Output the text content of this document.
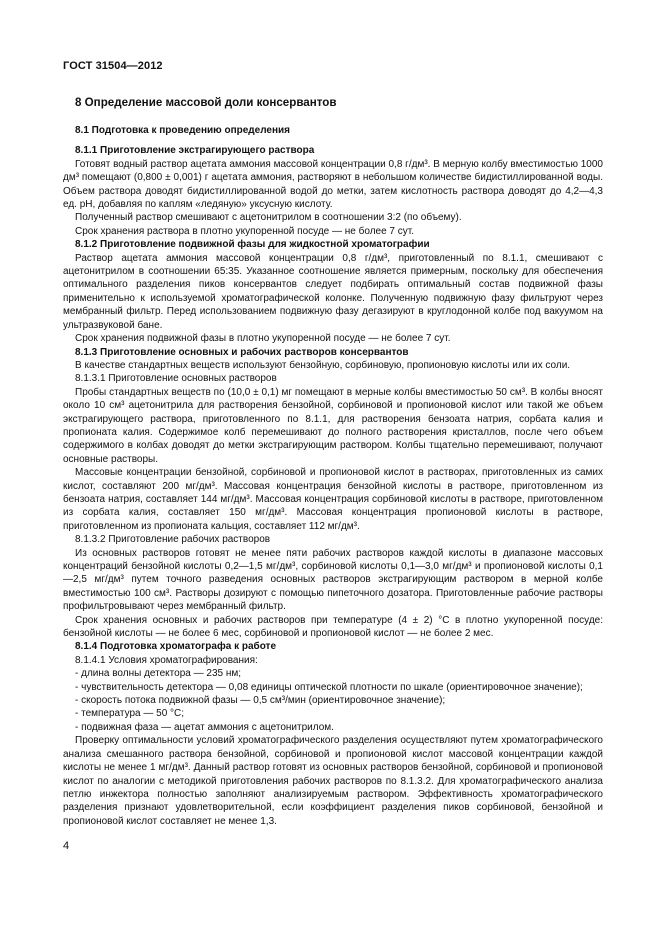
ГОСТ 31504—2012

8 Определение массовой доли консервантов

8.1 Подготовка к проведению определения

8.1.1 Приготовление экстрагирующего раствора

Готовят водный раствор ацетата аммония массовой концентрации 0,8 г/дм³. В мерную колбу вместимостью 1000 дм³ помещают (0,800 ± 0,001) г ацетата аммония, растворяют в небольшом количестве бидистиллированной воды. Объем раствора доводят бидистиллированной водой до метки, затем кислотность раствора доводят до 4,2—4,3 ед. pH, добавляя по каплям «ледяную» уксусную кислоту.

Полученный раствор смешивают с ацетонитрилом в соотношении 3:2 (по объему).

Срок хранения раствора в плотно укупоренной посуде — не более 7 сут.

8.1.2 Приготовление подвижной фазы для жидкостной хроматографии

Раствор ацетата аммония массовой концентрации 0,8 г/дм³, приготовленный по 8.1.1, смешивают с ацетонитрилом в соотношении 65:35. Указанное соотношение является примерным, поскольку для обеспечения оптимального разделения пиков консервантов следует подбирать оптимальный состав подвижной фазы применительно к используемой хроматографической колонке. Полученную подвижную фазу фильтруют через мембранный фильтр. Перед использованием подвижную фазу дегазируют в круглодонной колбе под вакуумом на ультразвуковой бане.

Срок хранения подвижной фазы в плотно укупоренной посуде — не более 7 сут.

8.1.3 Приготовление основных и рабочих растворов консервантов

В качестве стандартных веществ используют бензойную, сорбиновую, пропионовую кислоты или их соли.

8.1.3.1 Приготовление основных растворов

Пробы стандартных веществ по (10,0 ± 0,1) мг помещают в мерные колбы вместимостью 50 см³. В колбы вносят около 10 см³ ацетонитрила для растворения бензойной, сорбиновой и пропионовой кислот или такой же объем экстрагирующего раствора, приготовленного по 8.1.1, для растворения бензоата натрия, сорбата калия и пропионата калия. Содержимое колб перемешивают до полного растворения кристаллов, после чего объем содержимого в колбах доводят до метки экстрагирующим раствором. Колбы тщательно перемешивают, получают основные растворы.

Массовые концентрации бензойной, сорбиновой и пропионовой кислот в растворах, приготовленных из самих кислот, составляют 200 мг/дм³. Массовая концентрация бензойной кислоты в растворе, приготовленном из бензоата натрия, составляет 144 мг/дм³. Массовая концентрация сорбиновой кислоты в растворе, приготовленном из сорбата калия, составляет 150 мг/дм³. Массовая концентрация пропионовой кислоты в растворе, приготовленном из пропионата кальция, составляет 112 мг/дм³.

8.1.3.2 Приготовление рабочих растворов

Из основных растворов готовят не менее пяти рабочих растворов каждой кислоты в диапазоне массовых концентраций бензойной кислоты 0,2—1,5 мг/дм³, сорбиновой кислоты 0,1—3,0 мг/дм³ и пропионовой кислоты 0,1—2,5 мг/дм³ путем точного разведения основных растворов экстрагирующим раствором в мерной колбе вместимостью 100 см³. Растворы дозируют с помощью пипеточного дозатора. Приготовленные рабочие растворы профильтровывают через мембранный фильтр.

Срок хранения основных и рабочих растворов при температуре (4 ± 2) °С в плотно укупоренной посуде: бензойной кислоты — не более 6 мес, сорбиновой и пропионовой кислот — не более 2 мес.

8.1.4 Подготовка хроматографа к работе

8.1.4.1 Условия хроматографирования:

- длина волны детектора — 235 нм;

- чувствительность детектора — 0,08 единицы оптической плотности по шкале (ориентировочное значение);

- скорость потока подвижной фазы — 0,5 см³/мин (ориентировочное значение);

- температура — 50 °С;

- подвижная фаза — ацетат аммония с ацетонитрилом.

Проверку оптимальности условий хроматографического разделения осуществляют путем хроматографического анализа смешанного раствора бензойной, сорбиновой и пропионовой кислот массовой концентрации каждой кислоты не менее 1 мг/дм³. Данный раствор готовят из основных растворов бензойной, сорбиновой и пропионовой кислот по аналогии с методикой приготовления рабочих растворов по 8.1.3.2. Для хроматографического анализа петлю инжектора полностью заполняют анализируемым раствором. Эффективность хроматографического разделения признают удовлетворительной, если коэффициент разделения пиков сорбиновой, бензойной и пропионовой кислот составляет не менее 1,3.

4
